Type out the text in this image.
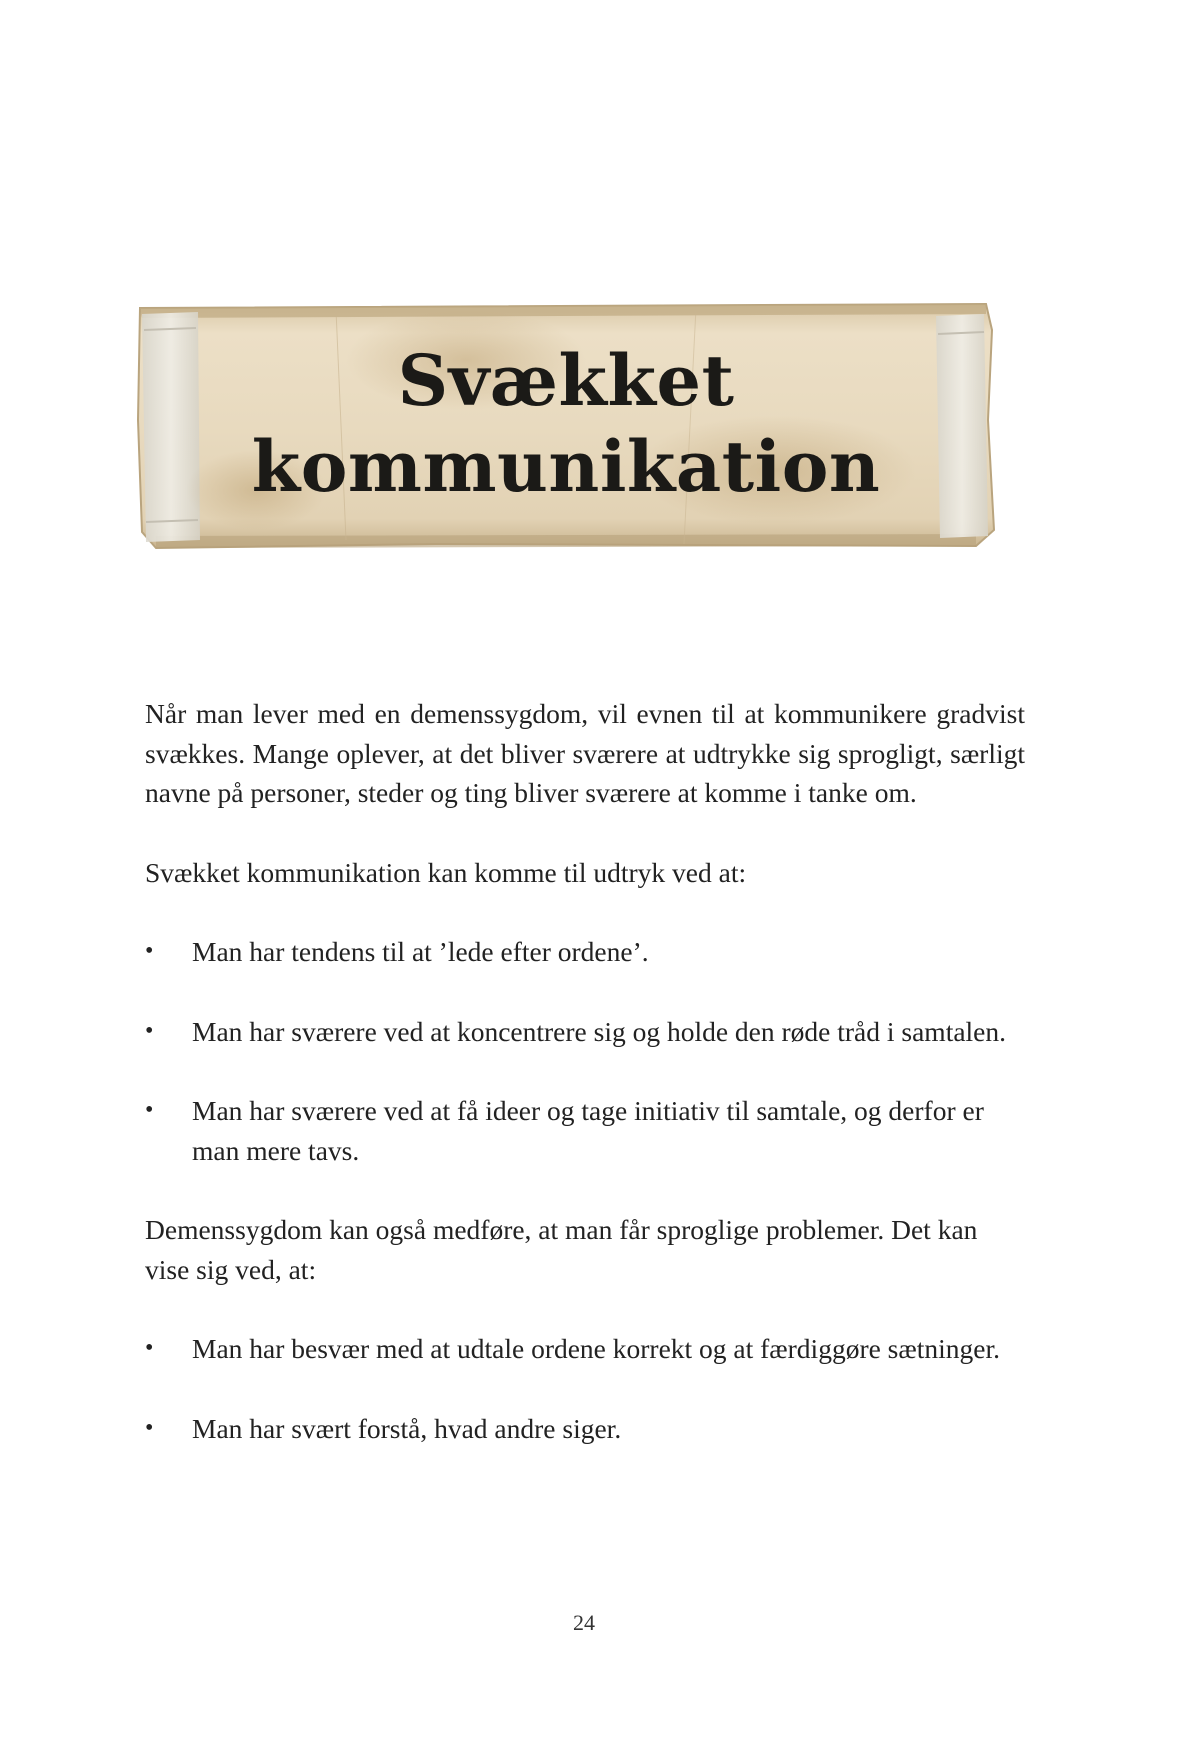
Svækket
kommunikation

Når man lever med en demenssygdom, vil evnen til at kommunikere gradvist svækkes. Mange oplever, at det bliver sværere at udtrykke sig sprogligt, særligt navne på personer, steder og ting bliver sværere at komme i tanke om.

Svækket kommunikation kan komme til udtryk ved at:

• Man har tendens til at ’lede efter ordene’.
• Man har sværere ved at koncentrere sig og holde den røde tråd i samtalen.
• Man har sværere ved at få ideer og tage initiativ til samtale, og derfor er man mere tavs.

Demenssygdom kan også medføre, at man får sproglige problemer. Det kan vise sig ved, at:

• Man har besvær med at udtale ordene korrekt og at færdiggøre sætninger.
• Man har svært forstå, hvad andre siger.
24
